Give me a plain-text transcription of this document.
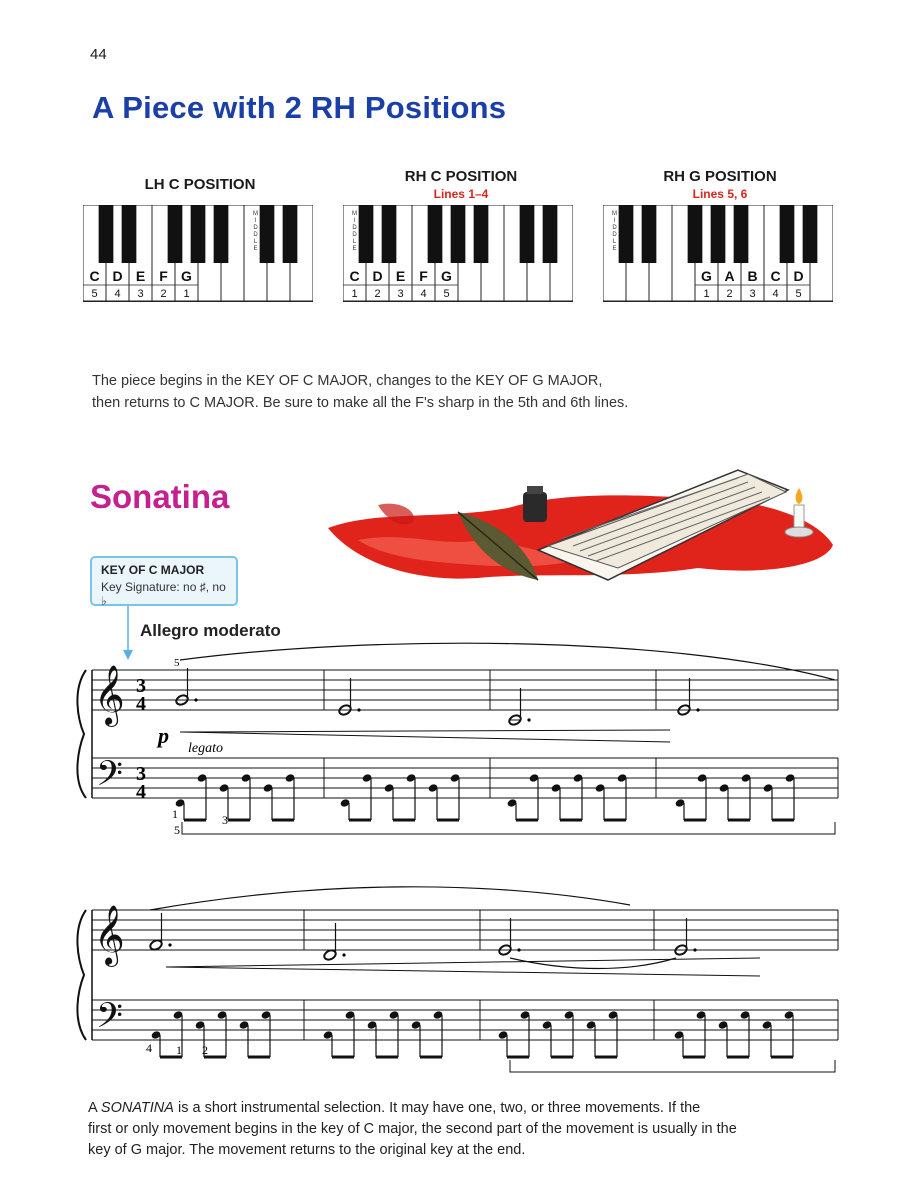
44
A Piece with 2 RH Positions
LH C POSITION	RH C POSITION
Lines 1–4
RH G POSITION
Lines 5, 6
M
I
D
D
L
E
C
5
D
4
E
3
F
2
G
1
M
I
D
D
L
E
C
1
D
2
E
3
F
4
G
5
M
I
D
D
L
E
G
1
A
2
B
3
C
4
D
5
The piece begins in the KEY OF C MAJOR, changes to the KEY OF G MAJOR,
then returns to C MAJOR. Be sure to make all the F's sharp in the 5th and 6th lines.
Sonatina
KEY OF C MAJOR
Key Signature: no ♯, no ♭
Allegro moderato
𝄞
𝄢
3
4
3
4
5
p
legato
1	3
5
𝄞
𝄢
4 1 2
A SONATINA is a short instrumental selection. It may have one, two, or three movements. If the
first or only movement begins in the key of C major, the second part of the movement is usually in the
key of G major. The movement returns to the original key at the end.
